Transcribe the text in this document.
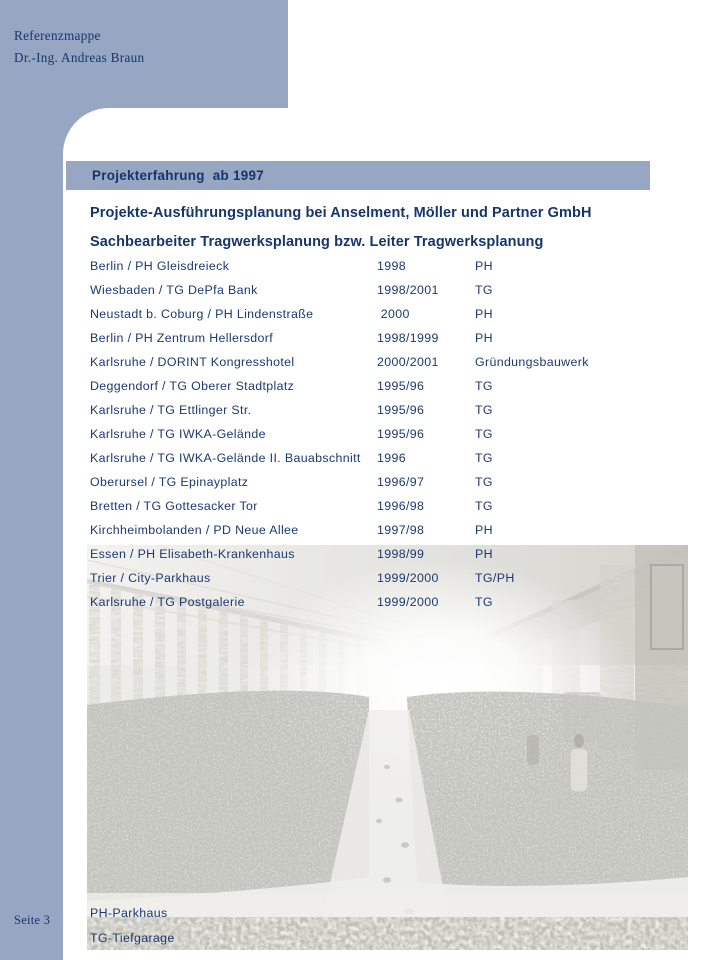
Referenzmappe
Dr.-Ing. Andreas Braun
Projekterfahrung  ab 1997
Projekte-Ausführungsplanung bei Anselment, Möller und Partner GmbH
Sachbearbeiter Tragwerksplanung bzw. Leiter Tragwerksplanung
Berlin / PH Gleisdreieck	1998	PH
Wiesbaden / TG DePfa Bank	1998/2001	TG
Neustadt b. Coburg / PH Lindenstraße	2000	PH
Berlin / PH Zentrum Hellersdorf	1998/1999	PH
Karlsruhe / DORINT Kongresshotel	2000/2001	Gründungsbauwerk
Deggendorf / TG Oberer Stadtplatz	1995/96	TG
Karlsruhe / TG Ettlinger Str.	1995/96	TG
Karlsruhe / TG IWKA-Gelände	1995/96	TG
Karlsruhe / TG IWKA-Gelände II. Bauabschnitt	1996	TG
Oberursel / TG Epinayplatz	1996/97	TG
Bretten / TG Gottesacker Tor	1996/98	TG
Kirchheimbolanden / PD Neue Allee	1997/98	PH
Essen / PH Elisabeth-Krankenhaus	1998/99	PH
Trier / City-Parkhaus	1999/2000	TG/PH
Karlsruhe / TG Postgalerie	1999/2000	TG
PH-Parkhaus
TG-Tiefgarage
Seite 3
